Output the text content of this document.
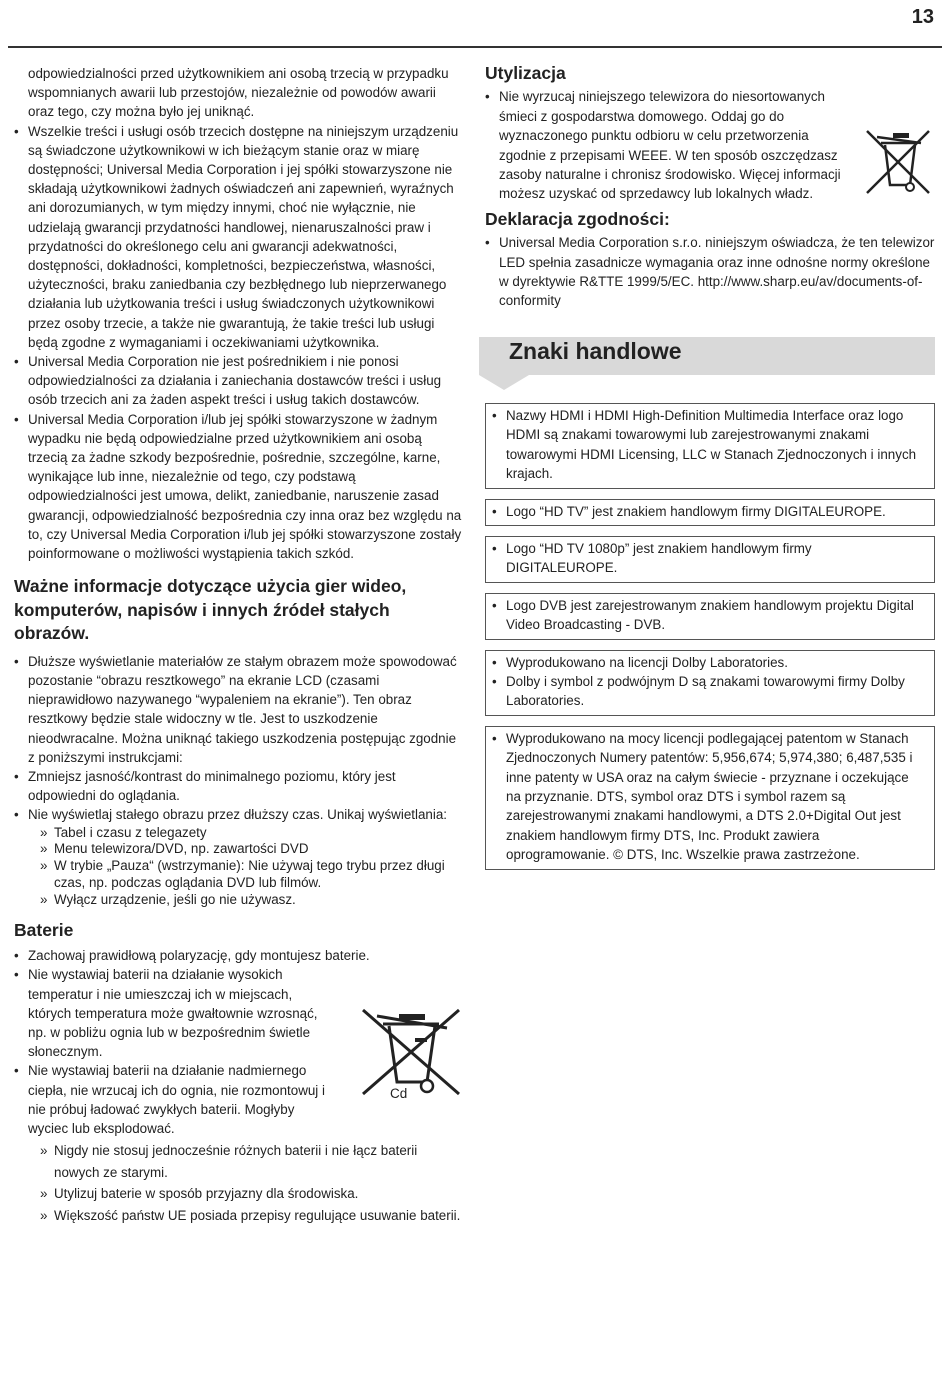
13

odpowiedzialności przed użytkownikiem ani osobą trzecią w przypadku wspomnianych awarii lub przestojów, niezależnie od powodów awarii oraz tego, czy można było jej uniknąć.

• Wszelkie treści i usługi osób trzecich dostępne na niniejszym urządzeniu są świadczone użytkownikowi w ich bieżącym stanie oraz w miarę dostępności; Universal Media Corporation i jej spółki stowarzyszone nie składają użytkownikowi żadnych oświadczeń ani zapewnień, wyraźnych ani dorozumianych, w tym między innymi, choć nie wyłącznie, nie udzielają gwarancji przydatności handlowej, nienaruszalności praw i przydatności do określonego celu ani gwarancji adekwatności, dostępności, dokładności, kompletności, bezpieczeństwa, własności, użyteczności, braku zaniedbania czy bezbłędnego lub nieprzerwanego działania lub użytkowania treści i usług świadczonych użytkownikowi przez osoby trzecie, a także nie gwarantują, że takie treści lub usługi będą zgodne z wymaganiami i oczekiwaniami użytkownika.
• Universal Media Corporation nie jest pośrednikiem i nie ponosi odpowiedzialności za działania i zaniechania dostawców treści i usług osób trzecich ani za żaden aspekt treści i usług takich dostawców.
• Universal Media Corporation i/lub jej spółki stowarzyszone w żadnym wypadku nie będą odpowiedzialne przed użytkownikiem ani osobą trzecią za żadne szkody bezpośrednie, pośrednie, szczególne, karne, wynikające lub inne, niezależnie od tego, czy podstawą odpowiedzialności jest umowa, delikt, zaniedbanie, naruszenie zasad gwarancji, odpowiedzialność bezpośrednia czy inna oraz bez względu na to, czy Universal Media Corporation i/lub jej spółki stowarzyszone zostały poinformowane o możliwości wystąpienia takich szkód.
Ważne informacje dotyczące użycia gier wideo, komputerów, napisów i innych źródeł stałych obrazów.
• Dłuższe wyświetlanie materiałów ze stałym obrazem może spowodować pozostanie “obrazu resztkowego” na ekranie LCD (czasami nieprawidłowo nazywanego “wypaleniem na ekranie”). Ten obraz resztkowy będzie stale widoczny w tle. Jest to uszkodzenie nieodwracalne. Można uniknąć takiego uszkodzenia postępując zgodnie z poniższymi instrukcjami:
• Zmniejsz jasność/kontrast do minimalnego poziomu, który jest odpowiedni do oglądania.
• Nie wyświetlaj stałego obrazu przez dłuższy czas. Unikaj wyświetlania:
» Tabel i czasu z telegazety
» Menu telewizora/DVD, np. zawartości DVD
» W trybie „Pauza“ (wstrzymanie): Nie używaj tego trybu przez długi czas, np. podczas oglądania DVD lub filmów.
» Wyłącz urządzenie, jeśli go nie używasz.
Baterie
• Zachowaj prawidłową polaryzację, gdy montujesz baterie.
• Nie wystawiaj baterii na działanie wysokich temperatur i nie umieszczaj ich w miejscach, których temperatura może gwałtownie wzrosnąć, np. w pobliżu ognia lub w bezpośrednim świetle słonecznym.
• Nie wystawiaj baterii na działanie nadmiernego ciepła, nie wrzucaj ich do ognia, nie rozmontowuj i nie próbuj ładować zwykłych baterii. Mogłyby wyciec lub eksplodować.
Cd
» Nigdy nie stosuj jednocześnie różnych baterii i nie łącz baterii nowych ze starymi.
» Utylizuj baterie w sposób przyjazny dla środowiska.
» Większość państw UE posiada przepisy regulujące usuwanie baterii.
Utylizacja
• Nie wyrzucaj niniejszego telewizora do niesortowanych śmieci z gospodarstwa domowego. Oddaj go do wyznaczonego punktu odbioru w celu przetworzenia zgodnie z przepisami WEEE. W ten sposób oszczędzasz zasoby naturalne i chronisz środowisko. Więcej informacji możesz uzyskać od sprzedawcy lub lokalnych władz.
Deklaracja zgodności:
• Universal Media Corporation s.r.o. niniejszym oświadcza, że ten telewizor LED spełnia zasadnicze wymagania oraz inne odnośne normy określone w dyrektywie R&TTE 1999/5/EC. http://www.sharp.eu/av/documents-of-conformity
Znaki handlowe
• Nazwy HDMI i HDMI High-Definition Multimedia Interface oraz logo HDMI są znakami towarowymi lub zarejestrowanymi znakami towarowymi HDMI Licensing, LLC w Stanach Zjednoczonych i innych krajach.
• Logo “HD TV” jest znakiem handlowym firmy DIGITALEUROPE.
• Logo “HD TV 1080p” jest znakiem handlowym firmy DIGITALEUROPE.
• Logo DVB jest zarejestrowanym znakiem handlowym projektu Digital Video Broadcasting - DVB.
• Wyprodukowano na licencji Dolby Laboratories.
• Dolby i symbol z podwójnym D są znakami towarowymi firmy Dolby Laboratories.
• Wyprodukowano na mocy licencji podlegającej patentom w Stanach Zjednoczonych Numery patentów: 5,956,674; 5,974,380; 6,487,535 i inne patenty w USA oraz na całym świecie - przyznane i oczekujące na przyznanie. DTS, symbol oraz DTS i symbol razem są zarejestrowanymi znakami handlowymi, a DTS 2.0+Digital Out jest znakiem handlowym firmy DTS, Inc. Produkt zawiera oprogramowanie. © DTS, Inc. Wszelkie prawa zastrzeżone.
